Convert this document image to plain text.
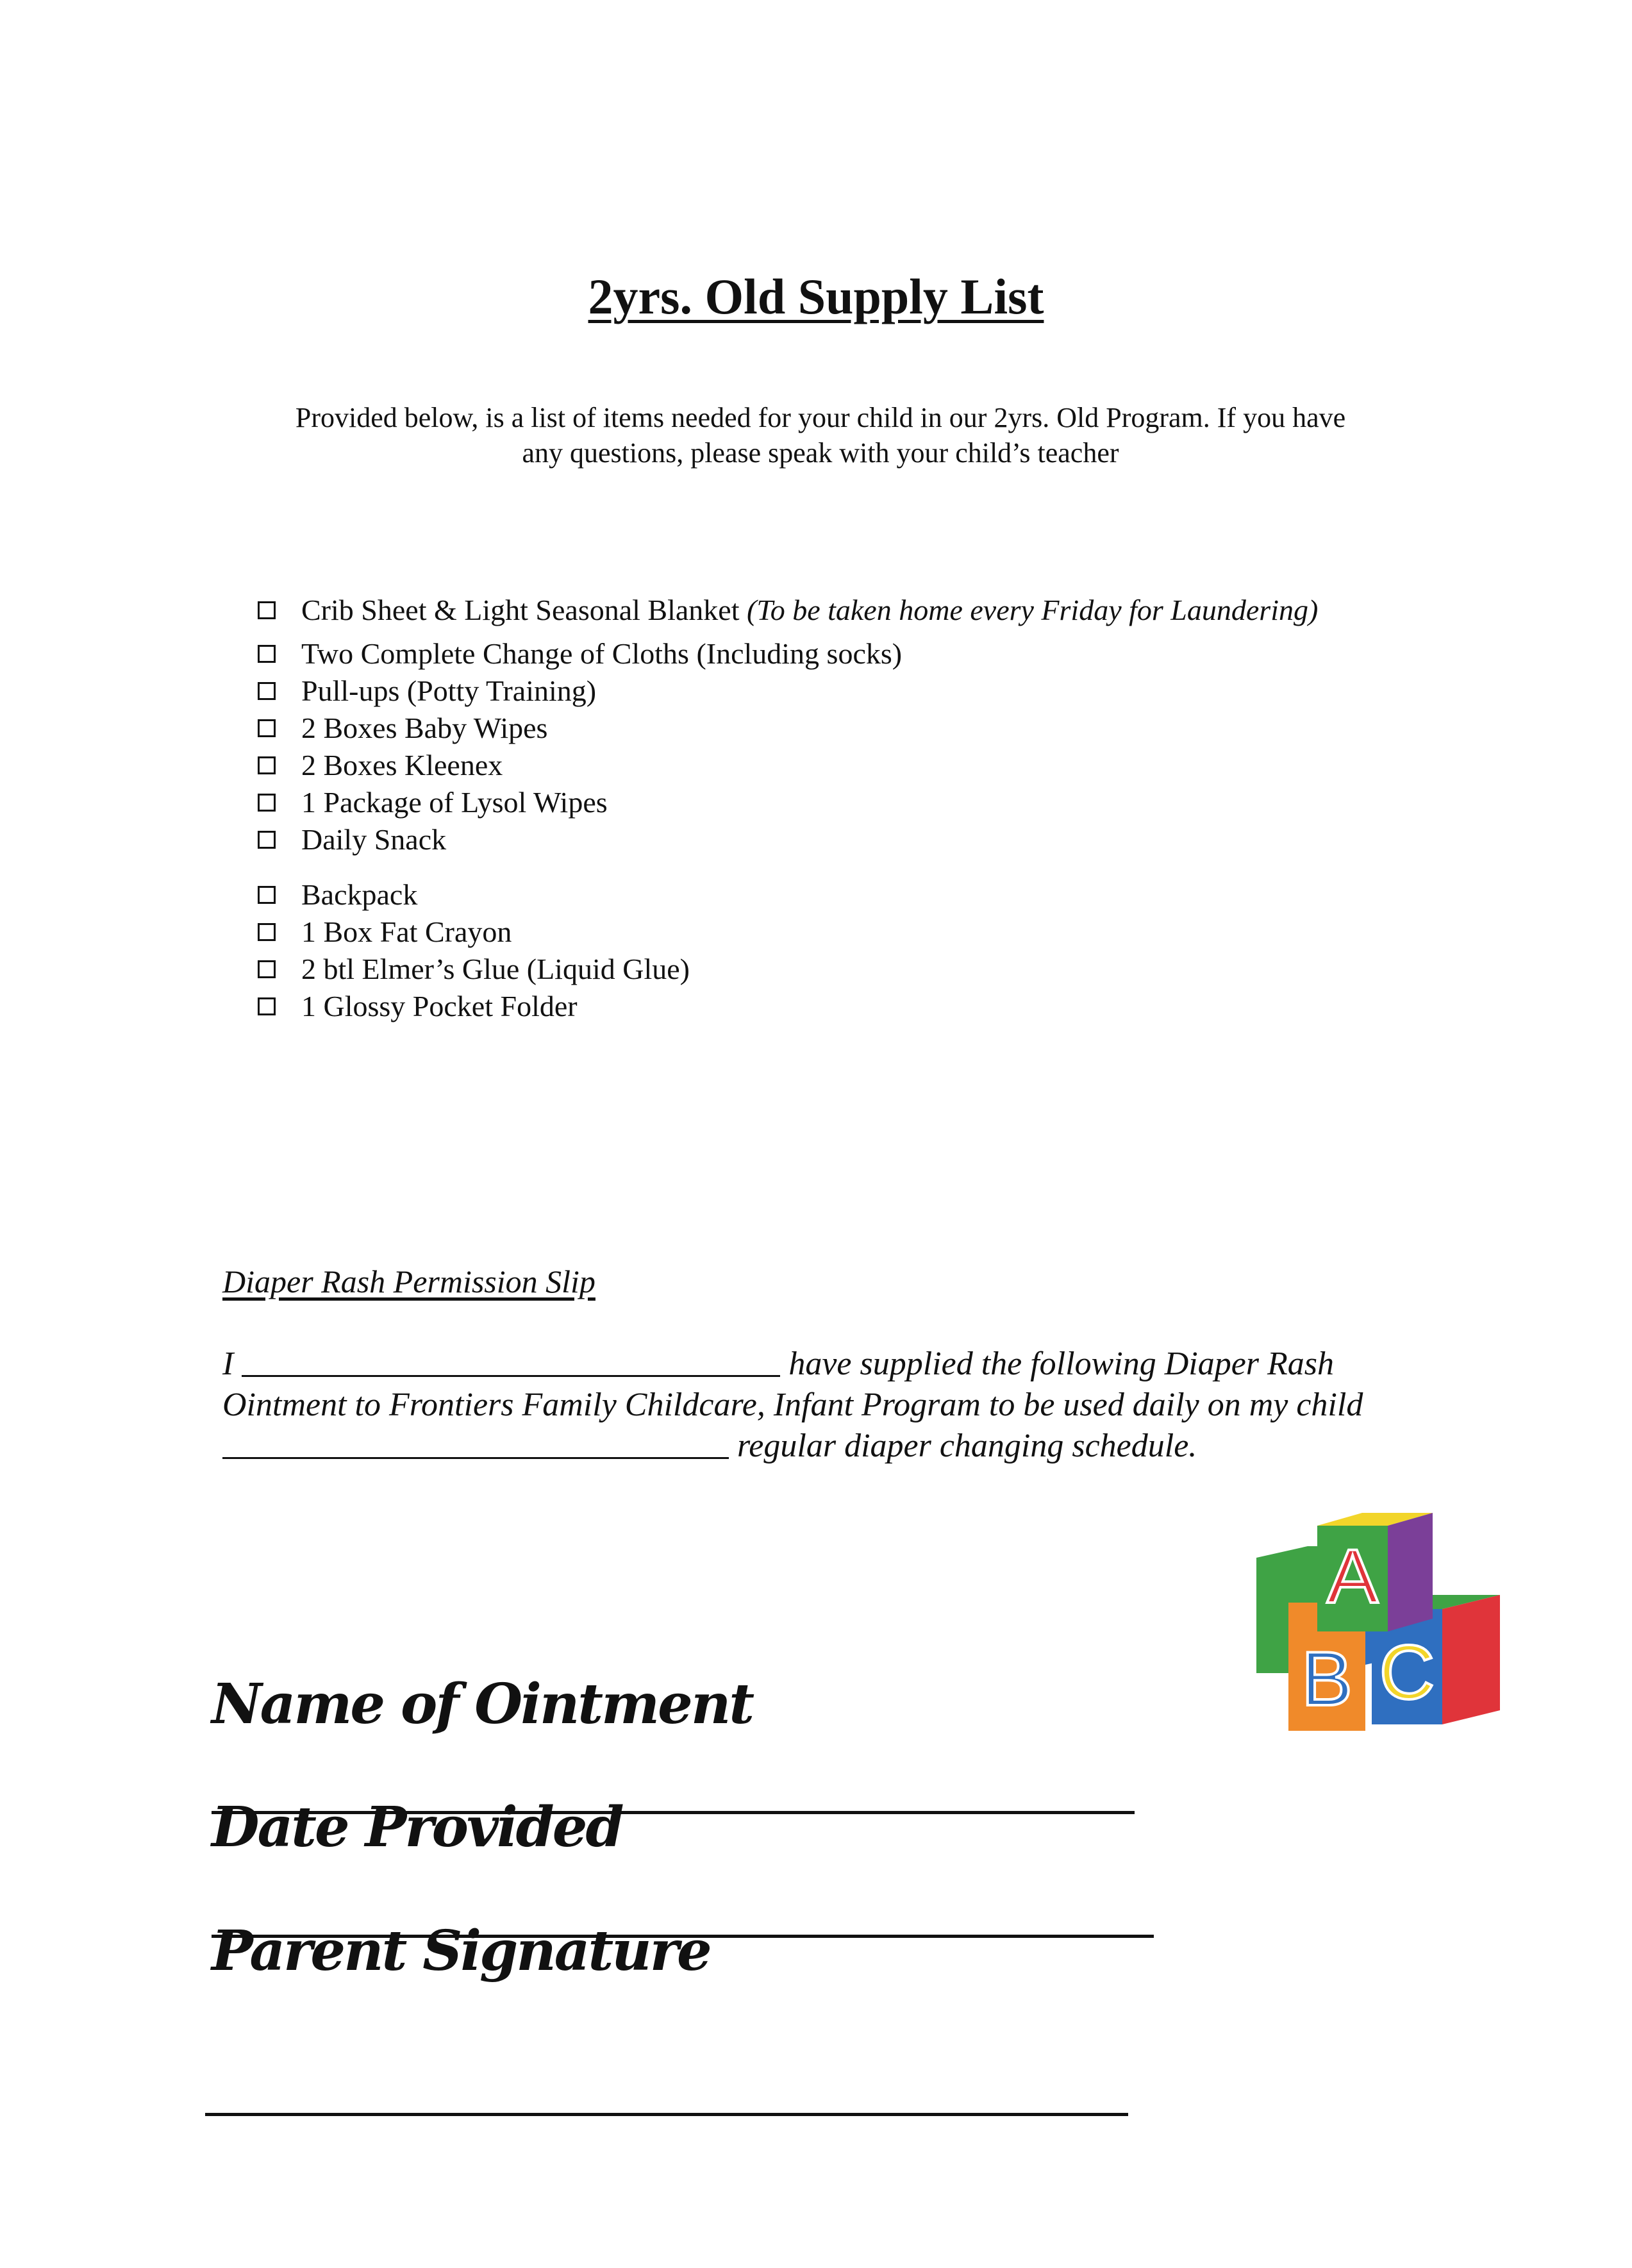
2yrs. Old Supply List
Provided below, is a list of items needed for your child in our 2yrs. Old Program. If you have
any questions, please speak with your child’s teacher
Crib Sheet & Light Seasonal Blanket (To be taken home every Friday for Laundering)
Two Complete Change of Cloths (Including socks)
Pull-ups (Potty Training)
2 Boxes Baby Wipes
2 Boxes Kleenex
1 Package of Lysol Wipes
Daily Snack
Backpack
1 Box Fat Crayon
2 btl Elmer’s Glue (Liquid Glue)
1 Glossy Pocket Folder
Diaper Rash Permission Slip
I	have supplied the following Diaper Rash Ointment to Frontiers Family Childcare, Infant Program to be used daily on my child  regular diaper changing schedule.
A
B C
Name of Ointment
Date Provided
Parent Signature
